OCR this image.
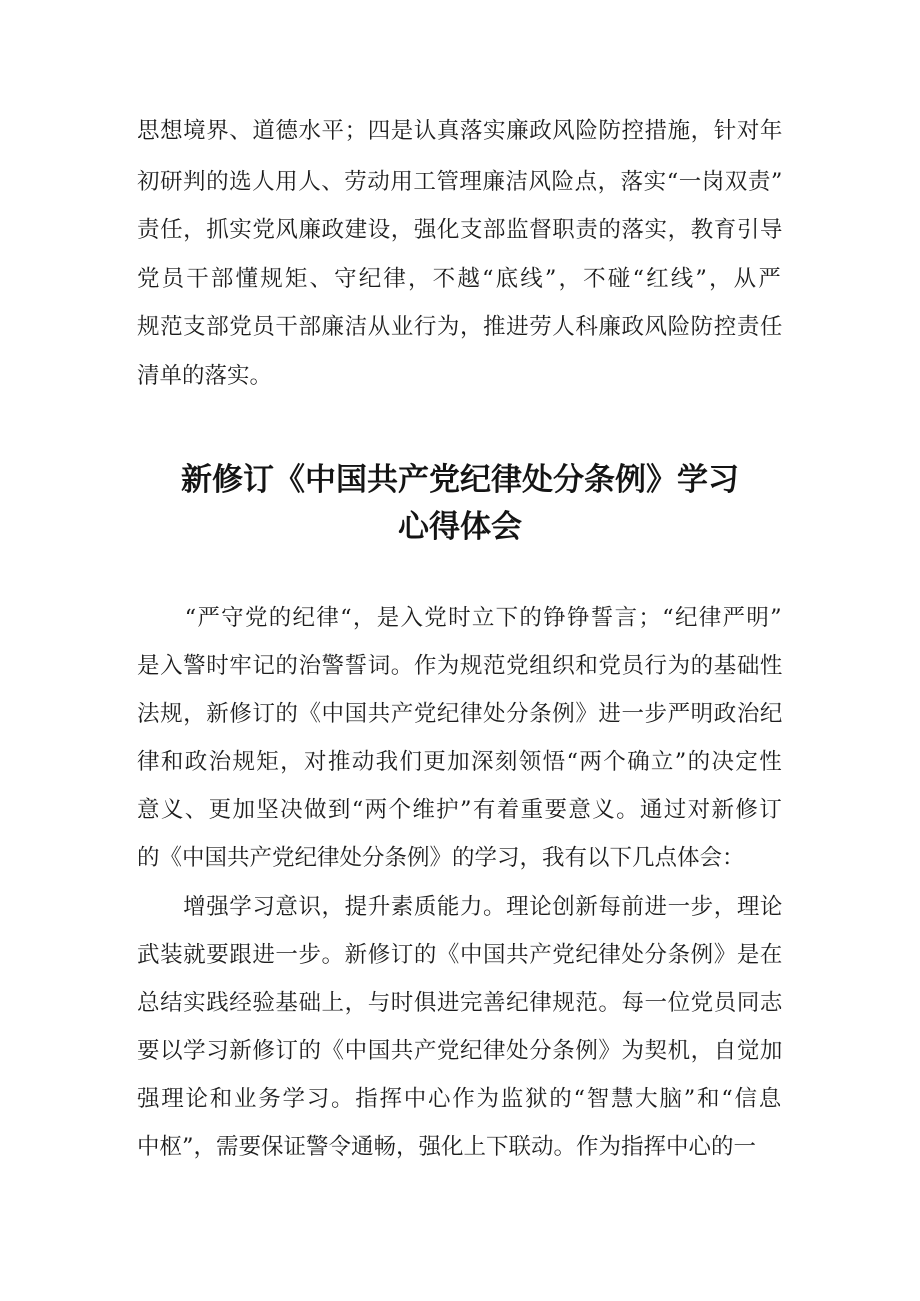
思想境界、道德水平；四是认真落实廉政风险防控措施，针对年

初研判的选人用人、劳动用工管理廉洁风险点，落实“一岗双责”

责任，抓实党风廉政建设，强化支部监督职责的落实，教育引导

党员干部懂规矩、守纪律，不越“底线”，不碰“红线”，从严

规范支部党员干部廉洁从业行为，推进劳人科廉政风险防控责任

清单的落实。

新修订《中国共产党纪律处分条例》学习
心得体会

　　“严守党的纪律“，是入党时立下的铮铮誓言；“纪律严明”

是入警时牢记的治警誓词。作为规范党组织和党员行为的基础性

法规，新修订的《中国共产党纪律处分条例》进一步严明政治纪

律和政治规矩，对推动我们更加深刻领悟“两个确立”的决定性

意义、更加坚决做到“两个维护”有着重要意义。通过对新修订

的《中国共产党纪律处分条例》的学习，我有以下几点体会：

　　增强学习意识，提升素质能力。理论创新每前进一步，理论

武装就要跟进一步。新修订的《中国共产党纪律处分条例》是在

总结实践经验基础上，与时俱进完善纪律规范。每一位党员同志

要以学习新修订的《中国共产党纪律处分条例》为契机，自觉加

强理论和业务学习。指挥中心作为监狱的“智慧大脑”和“信息

中枢”，需要保证警令通畅，强化上下联动。作为指挥中心的一
